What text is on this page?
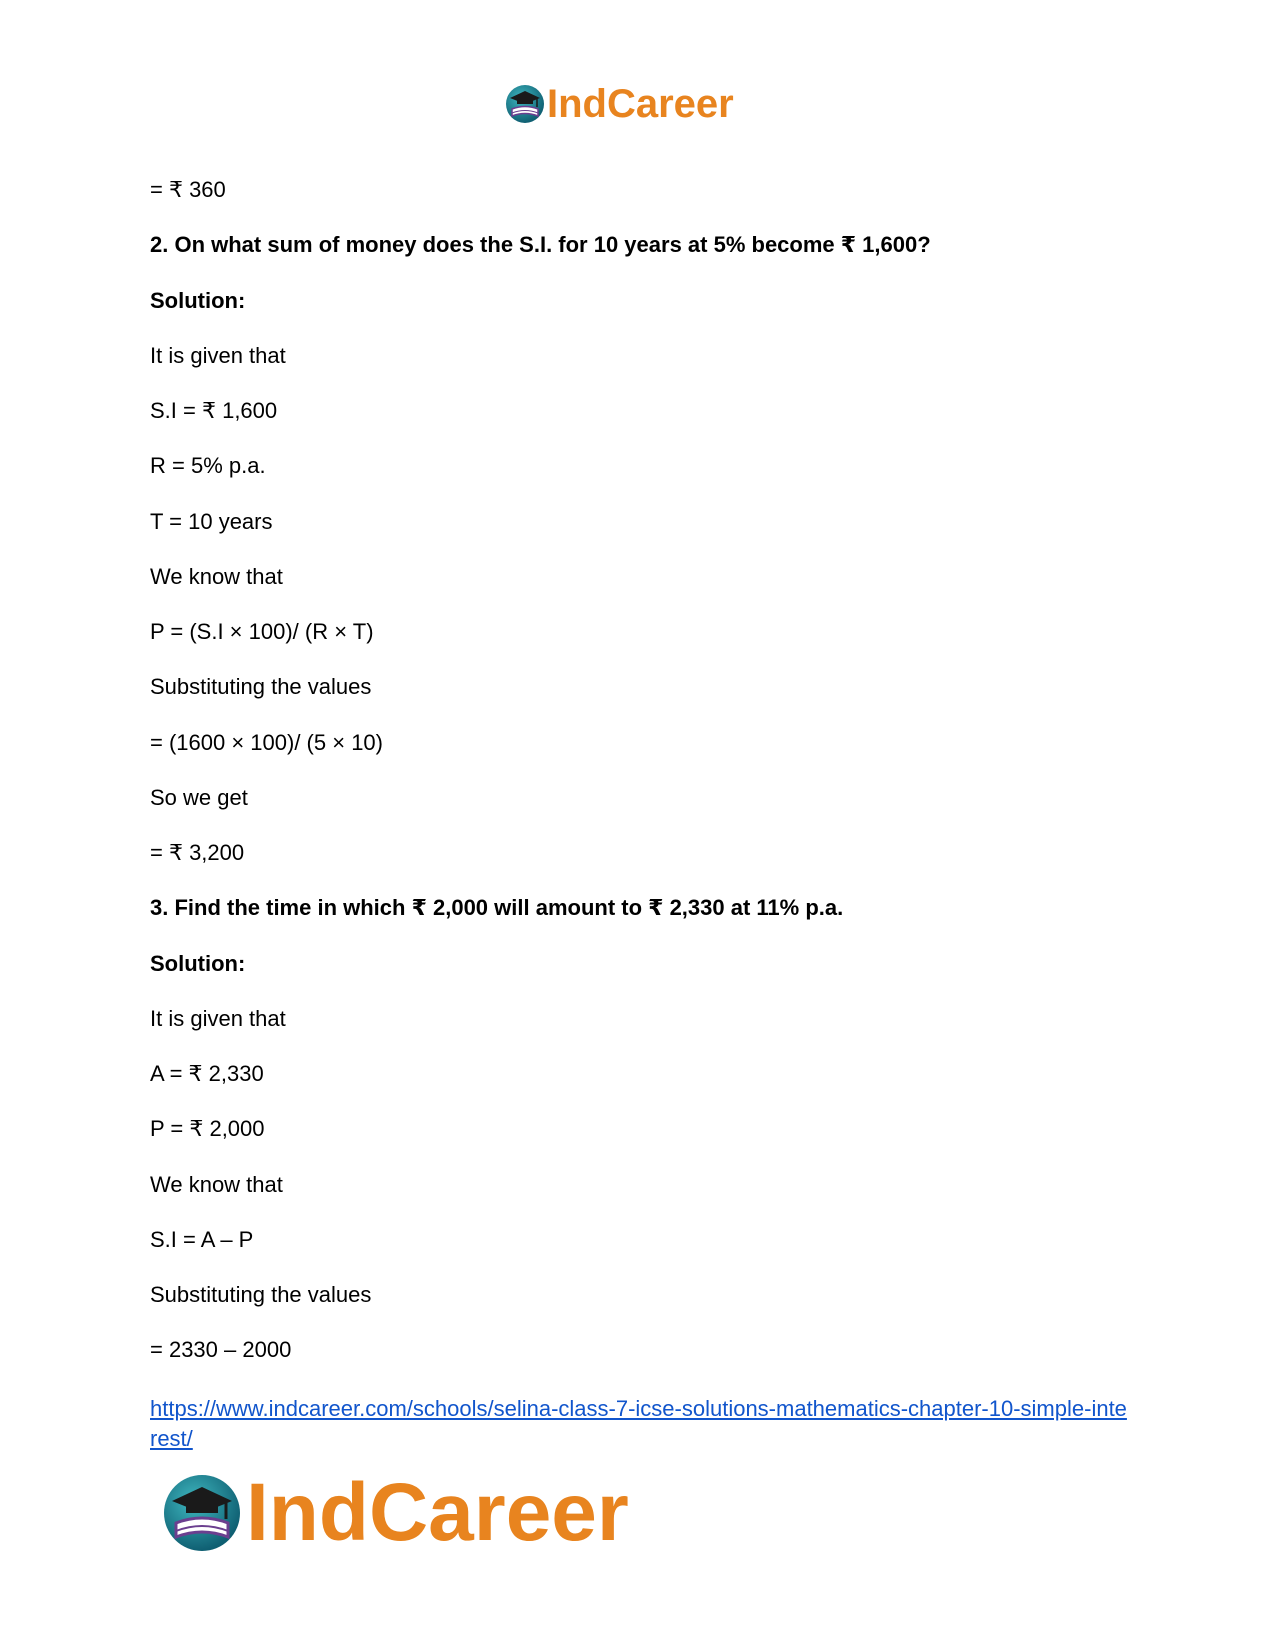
IndCareer
= ₹ 360
2. On what sum of money does the S.I. for 10 years at 5% become ₹ 1,600?
Solution:
It is given that
S.I = ₹ 1,600
R = 5% p.a.
T = 10 years
We know that
P = (S.I × 100)/ (R × T)
Substituting the values
= (1600 × 100)/ (5 × 10)
So we get
= ₹ 3,200
3. Find the time in which ₹ 2,000 will amount to ₹ 2,330 at 11% p.a.
Solution:
It is given that
A = ₹ 2,330
P = ₹ 2,000
We know that
S.I = A – P
Substituting the values
= 2330 – 2000
https://www.indcareer.com/schools/selina-class-7-icse-solutions-mathematics-chapter-10-simple-interest/
IndCareer
